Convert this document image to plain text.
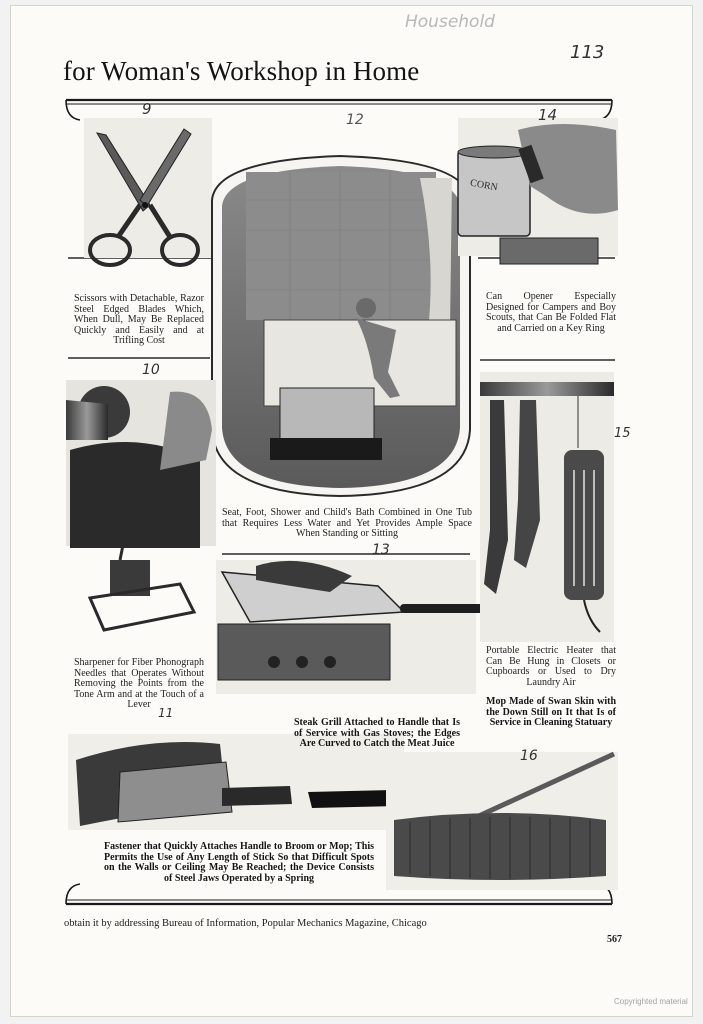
for Woman's Workshop in Home
113
Household
9
12	14
10
13
15
16
11
CORN
Scissors with Detachable, Razor Steel Edged Blades Which, When Dull, May Be Replaced Quickly and Easily and at Trifling Cost
Seat, Foot, Shower and Child's Bath Combined in One Tub that Requires Less Water and Yet Provides Ample Space When Standing or Sitting
Can Opener Especially Designed for Campers and Boy Scouts, that Can Be Folded Flat and Carried on a Key Ring
Sharpener for Fiber Phonograph Needles that Operates Without Removing the Points from the Tone Arm and at the Touch of a Lever
Steak Grill Attached to Handle that Is of Service with Gas Stoves; the Edges Are Curved to Catch the Meat Juice
Portable Electric Heater that Can Be Hung in Closets or Cupboards or Used to Dry Laundry Air
Mop Made of Swan Skin with the Down Still on It that Is of Service in Cleaning Statuary
Fastener that Quickly Attaches Handle to Broom or Mop; This Permits the Use of Any Length of Stick So that Difficult Spots on the Walls or Ceiling May Be Reached; the Device Consists of Steel Jaws Operated by a Spring
obtain it by addressing Bureau of Information, Popular Mechanics Magazine, Chicago
567
Copyrighted material
